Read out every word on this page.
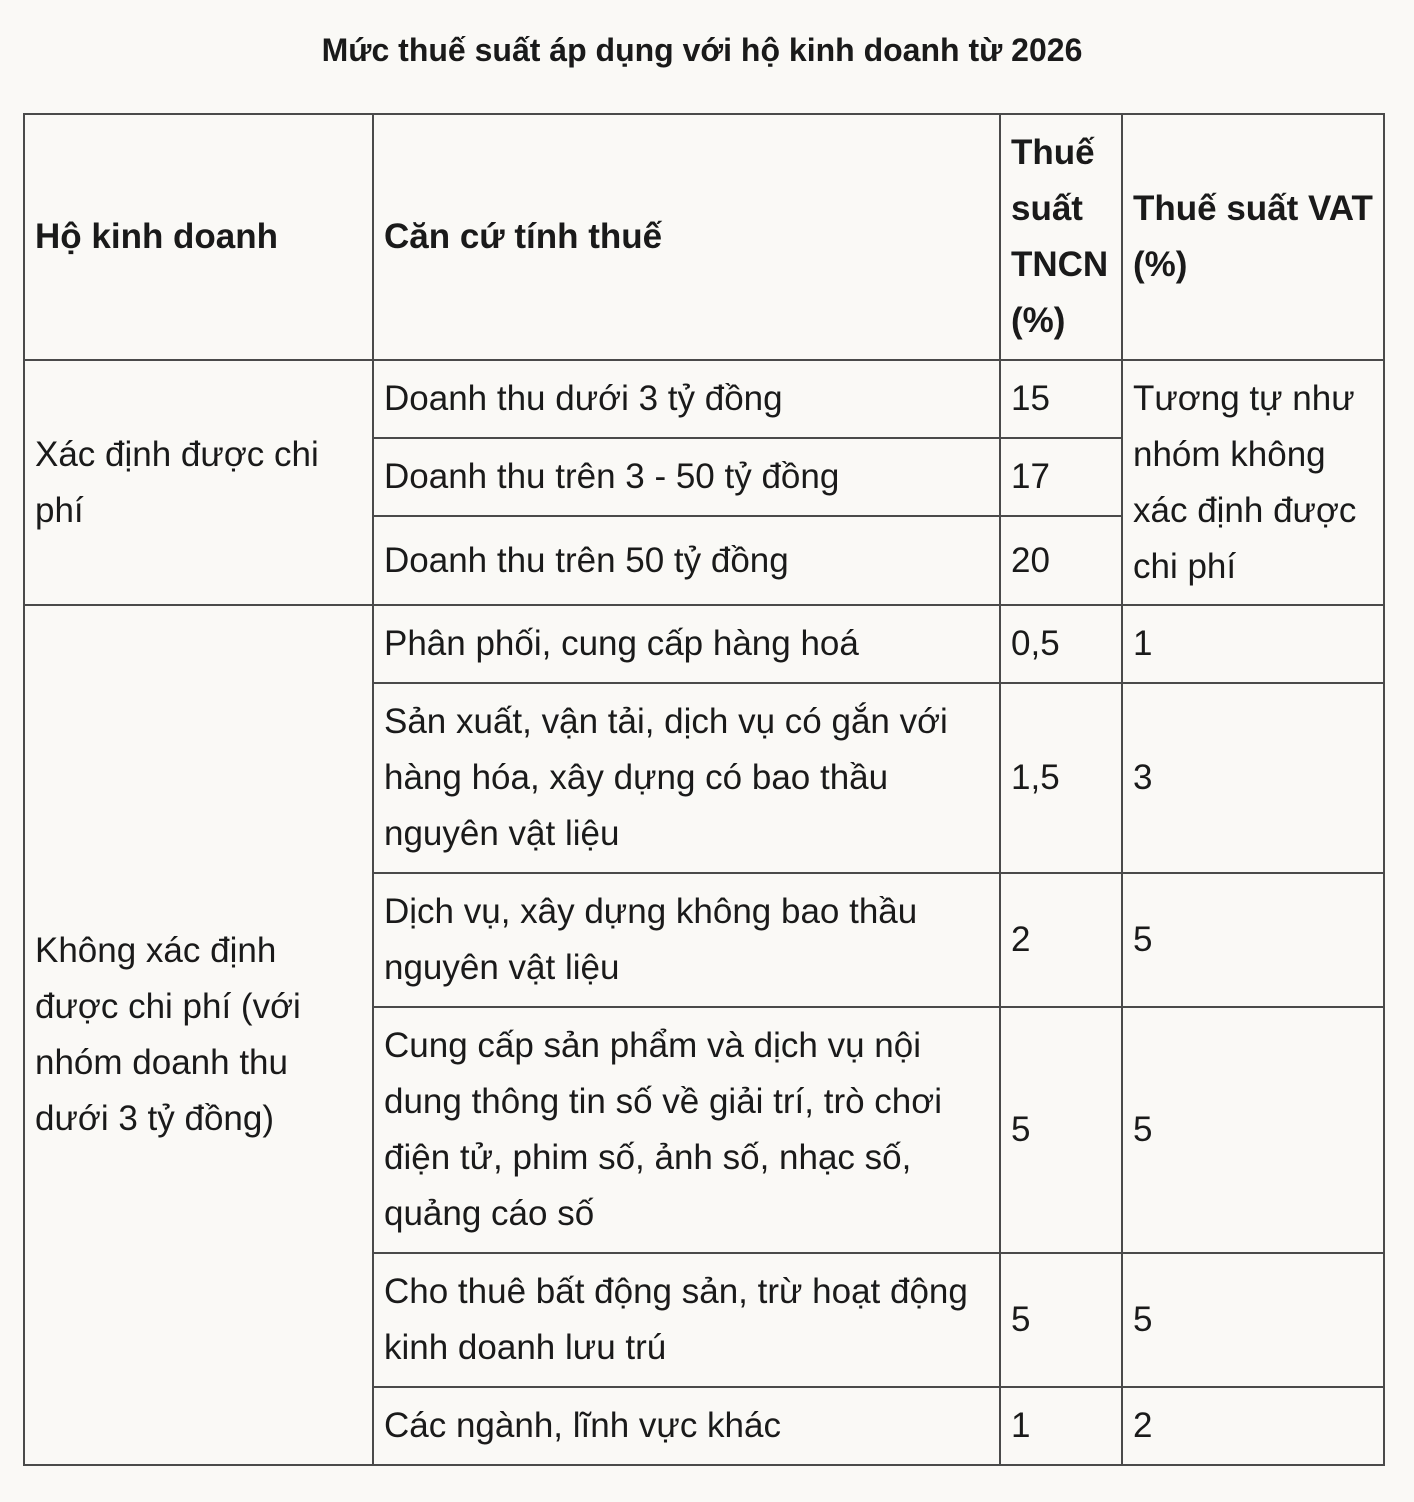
Mức thuế suất áp dụng với hộ kinh doanh từ 2026
Hộ kinh doanh	Căn cứ tính thuế	Thuế suất TNCN (%)	Thuế suất VAT (%)
Xác định được chi phí	Doanh thu dưới 3 tỷ đồng	15	Tương tự như nhóm không xác định được chi phí
	Doanh thu trên 3 - 50 tỷ đồng	17	
	Doanh thu trên 50 tỷ đồng	20	
Không xác định được chi phí (với nhóm doanh thu dưới 3 tỷ đồng)	Phân phối, cung cấp hàng hoá	0,5	1
	Sản xuất, vận tải, dịch vụ có gắn với hàng hóa, xây dựng có bao thầu nguyên vật liệu	1,5	3
	Dịch vụ, xây dựng không bao thầu nguyên vật liệu	2	5
	Cung cấp sản phẩm và dịch vụ nội dung thông tin số về giải trí, trò chơi điện tử, phim số, ảnh số, nhạc số, quảng cáo số	5	5
	Cho thuê bất động sản, trừ hoạt động kinh doanh lưu trú	5	5
	Các ngành, lĩnh vực khác	1	2
